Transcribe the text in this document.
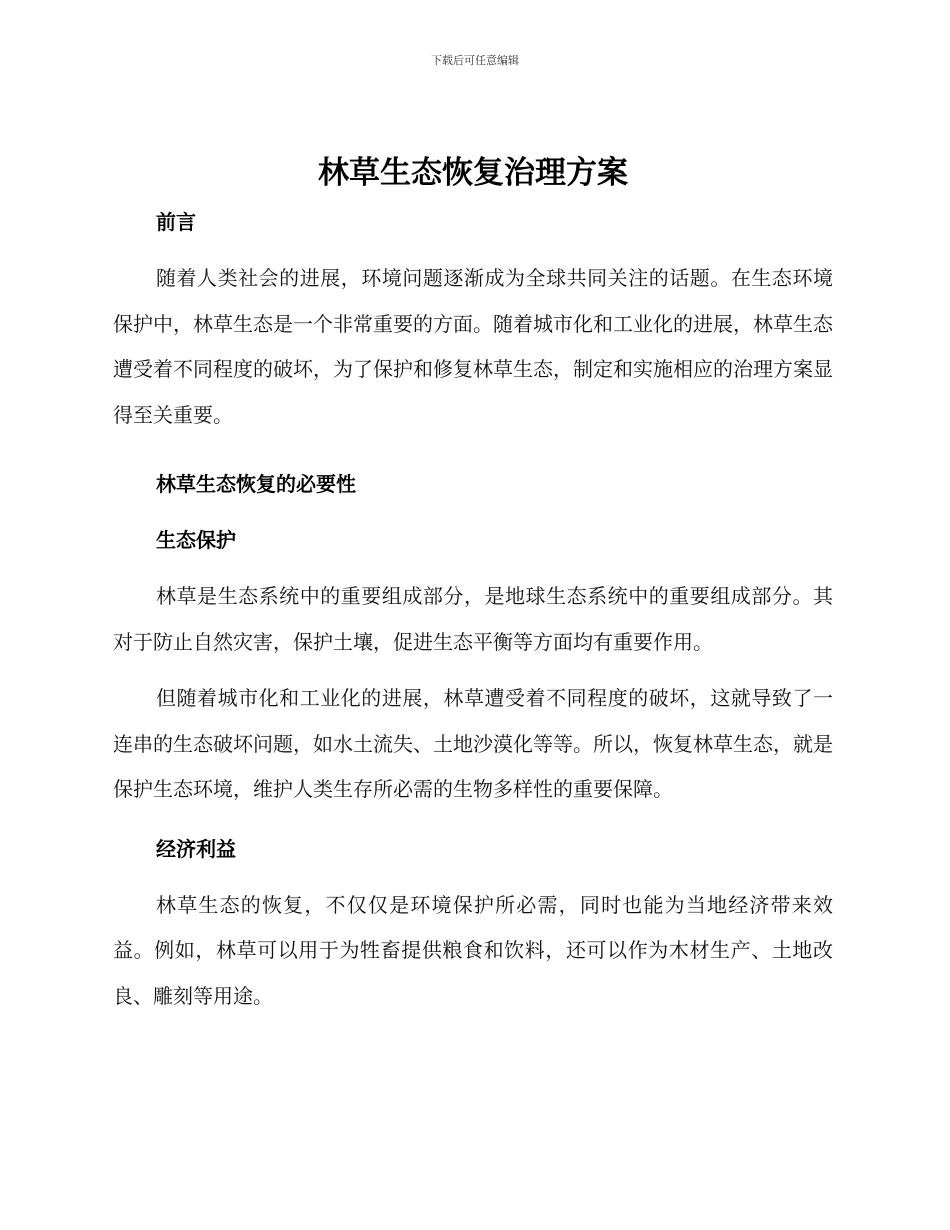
下载后可任意编辑
林草生态恢复治理方案
前言

随着人类社会的进展，环境问题逐渐成为全球共同关注的话题。在生态环境保护中，林草生态是一个非常重要的方面。随着城市化和工业化的进展，林草生态遭受着不同程度的破坏，为了保护和修复林草生态，制定和实施相应的治理方案显得至关重要。

林草生态恢复的必要性
生态保护

林草是生态系统中的重要组成部分，是地球生态系统中的重要组成部分。其对于防止自然灾害，保护土壤，促进生态平衡等方面均有重要作用。

但随着城市化和工业化的进展，林草遭受着不同程度的破坏，这就导致了一连串的生态破坏问题，如水土流失、土地沙漠化等等。所以，恢复林草生态，就是保护生态环境，维护人类生存所必需的生物多样性的重要保障。

经济利益

林草生态的恢复，不仅仅是环境保护所必需，同时也能为当地经济带来效益。例如，林草可以用于为牲畜提供粮食和饮料，还可以作为木材生产、土地改良、雕刻等用途。
